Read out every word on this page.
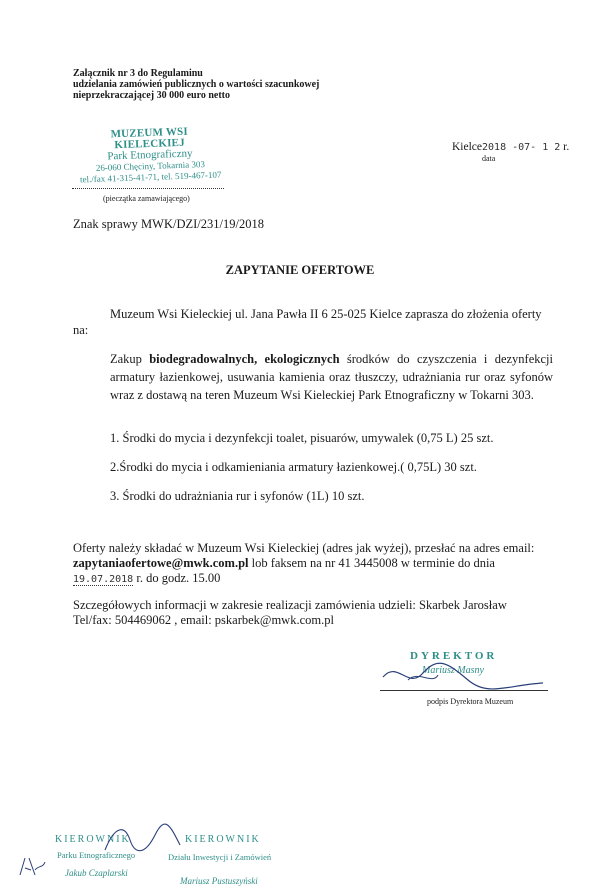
Załącznik nr 3 do Regulaminu
udzielania zamówień publicznych o wartości szacunkowej
nieprzekraczającej 30 000 euro netto
MUZEUM WSI KIELECKIEJ
Park Etnograficzny
26-060 Chęciny, Tokarnia 303
tel./fax 41-315-41-71, tel. 519-467-107
(pieczątka zamawiającego)
Kielce2018 -07- 1 2 r.
data
Znak sprawy MWK/DZI/231/19/2018
ZAPYTANIE OFERTOWE
Muzeum Wsi Kieleckiej ul. Jana Pawła II 6 25-025 Kielce zaprasza do złożenia oferty
na:
Zakup biodegradowalnych, ekologicznych środków do czyszczenia i dezynfekcji armatury łazienkowej, usuwania kamienia oraz tłuszczy, udrażniania rur oraz syfonów wraz z dostawą na teren Muzeum Wsi Kieleckiej Park Etnograficzny w Tokarni 303.
1. Środki do mycia i dezynfekcji toalet, pisuarów, umywalek (0,75 L) 25 szt.
2.Środki do mycia i odkamieniania armatury łazienkowej.( 0,75L) 30 szt.
3. Środki do udrażniania rur i syfonów (1L) 10 szt.
Oferty należy składać w Muzeum Wsi Kieleckiej (adres jak wyżej), przesłać na adres email:
zapytaniaofertowe@mwk.com.pl lob faksem na nr 41 3445008 w terminie do dnia
19.07.2018 r. do godz. 15.00
Szczegółowych informacji w zakresie realizacji zamówienia udzieli: Skarbek Jarosław
Tel/fax: 504469062 , email: pskarbek@mwk.com.pl
DYREKTOR
Mariusz Masny
podpis Dyrektora Muzeum
KIEROWNIK
Parku Etnograficznego
Jakub Czaplarski
KIEROWNIK
Działu Inwestycji i Zamówień
Mariusz Pustuszyński
